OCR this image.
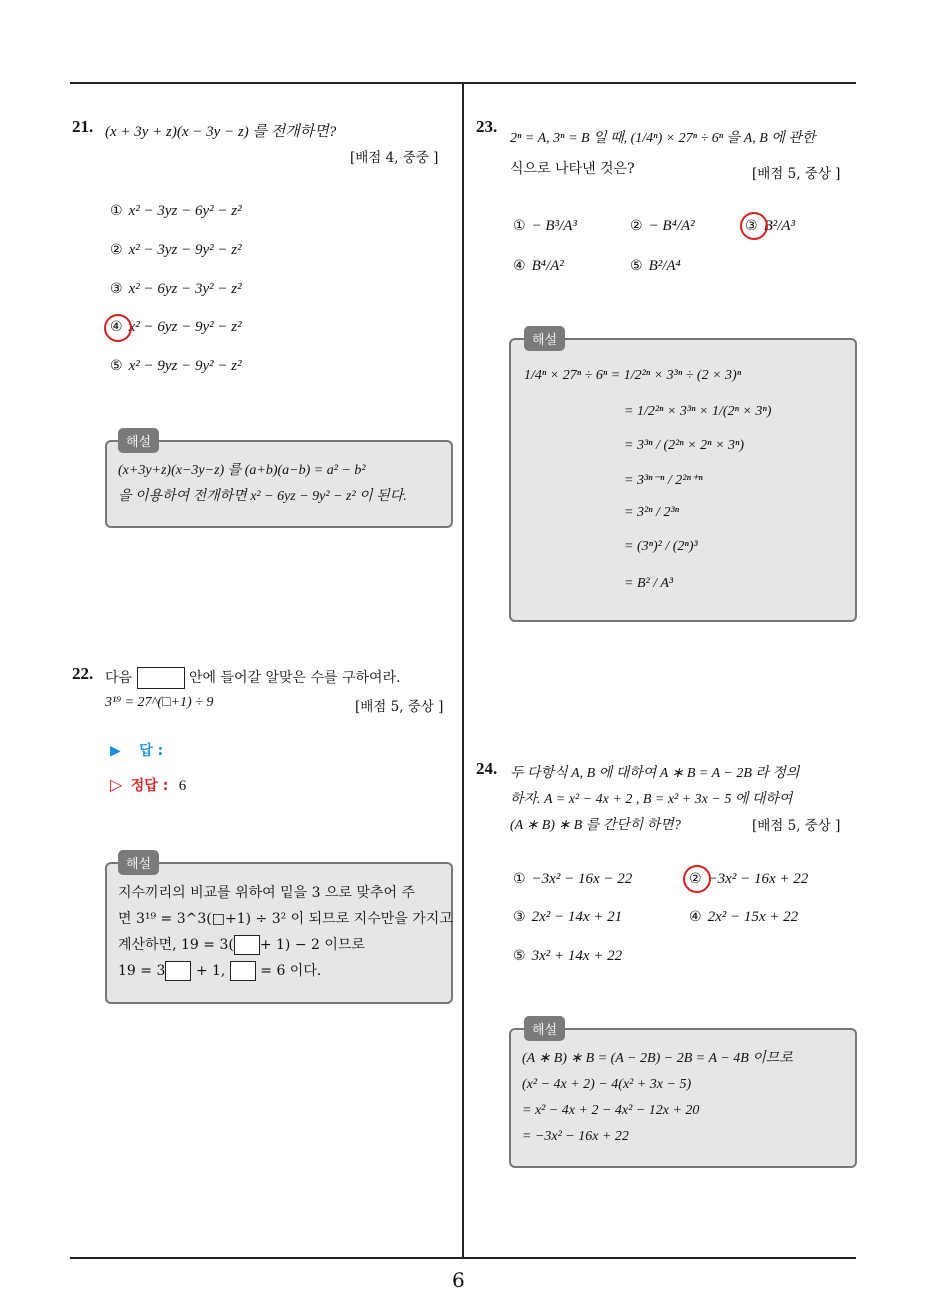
6
21. (x + 3y + z)(x − 3y − z) 를 전개하면?
[배점 4, 중중 ]
① x² − 3yz − 6y² − z²
② x² − 3yz − 9y² − z²
③ x² − 6yz − 3y² − z²
④ x² − 6yz − 9y² − z²
⑤ x² − 9yz − 9y² − z²
해설
(x+3y+z)(x−3y−z) 를 (a+b)(a−b) = a² − b²
을 이용하여 전개하면 x² − 6yz − 9y² − z² 이 된다.
22. 다음	안에 들어갈 알맞은 수를 구하여라.
3¹⁹ = 27^(□+1) ÷ 9	[배점 5, 중상 ]
▶ 답 :
▷ 정답 : 6
해설
지수끼리의 비교를 위하여 밑을 3 으로 맞추어 주
면 3¹⁹ = 3^3(□+1) ÷ 3² 이 되므로 지수만을 가지고
계산하면, 19 = 3( + 1) − 2 이므로
19 = 3 + 1, = 6 이다.
23.
2ⁿ = A, 3ⁿ = B 일 때, (1/4ⁿ) × 27ⁿ ÷ 6ⁿ 을 A, B 에 관한
식으로 나타낸 것은?	[배점 5, 중상 ]
① − B³/A³	② − B⁴/A²	③ B²/A³
④ B⁴/A²	⑤ B²/A⁴
해설
1/4ⁿ × 27ⁿ ÷ 6ⁿ = 1/2²ⁿ × 3³ⁿ ÷ (2 × 3)ⁿ
= 1/2²ⁿ × 3³ⁿ × 1/(2ⁿ × 3ⁿ)
= 3³ⁿ / (2²ⁿ × 2ⁿ × 3ⁿ)
= 3³ⁿ⁻ⁿ / 2²ⁿ⁺ⁿ
= 3²ⁿ / 2³ⁿ
= (3ⁿ)² / (2ⁿ)³
= B² / A³
24. 두 다항식 A, B 에 대하여 A ∗ B = A − 2B 라 정의
하자. A = x² − 4x + 2 , B = x² + 3x − 5 에 대하여
(A ∗ B) ∗ B 를 간단히 하면?	[배점 5, 중상 ]
① −3x² − 16x − 22	② −3x² − 16x + 22
③ 2x² − 14x + 21	④ 2x² − 15x + 22
⑤ 3x² + 14x + 22
해설
(A ∗ B) ∗ B = (A − 2B) − 2B = A − 4B 이므로
(x² − 4x + 2) − 4(x² + 3x − 5)
= x² − 4x + 2 − 4x² − 12x + 20
= −3x² − 16x + 22
